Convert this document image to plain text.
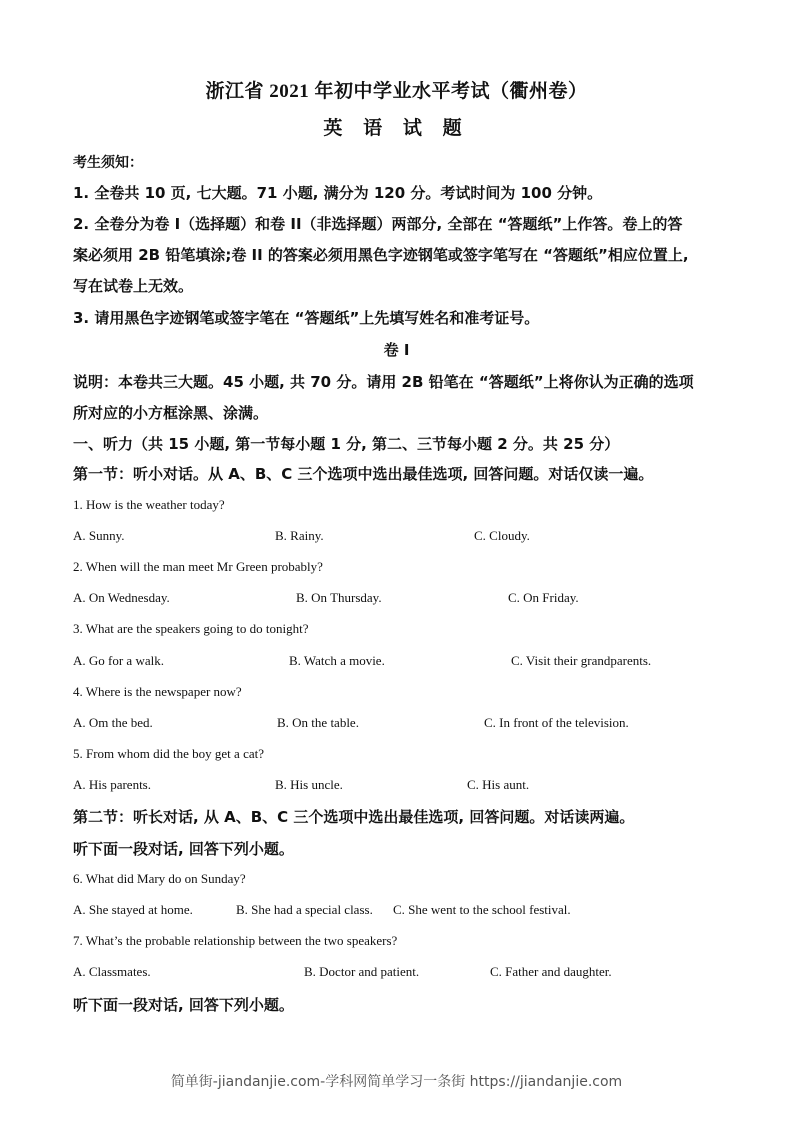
浙江省 2021 年初中学业水平考试（衢州卷）
英 语 试 题
考生须知：
1. 全卷共 10 页, 七大题。71 小题, 满分为 120 分。考试时间为 100 分钟。
2. 全卷分为卷 I（选择题）和卷 II（非选择题）两部分, 全部在 “答题纸”上作答。卷上的答
案必须用 2B 铅笔填涂;卷 II 的答案必须用黑色字迹钢笔或签字笔写在 “答题纸”相应位置上,
写在试卷上无效。
3. 请用黑色字迹钢笔或签字笔在 “答题纸”上先填写姓名和准考证号。
卷 I
说明：本卷共三大题。45 小题, 共 70 分。请用 2B 铅笔在 “答题纸”上将你认为正确的选项
所对应的小方框涂黑、涂满。
一、听力（共 15 小题, 第一节每小题 1 分, 第二、三节每小题 2 分。共 25 分）
第一节：听小对话。从 A、B、C 三个选项中选出最佳选项, 回答问题。对话仅读一遍。
1. How is the weather today?
A. Sunny.	B. Rainy.	C. Cloudy.
2. When will the man meet Mr Green probably?
A. On Wednesday.	B. On Thursday.	C. On Friday.
3. What are the speakers going to do tonight?
A. Go for a walk.	B. Watch a movie.	C. Visit their grandparents.
4. Where is the newspaper now?
A. Om the bed.	B. On the table.	C. In front of the television.
5. From whom did the boy get a cat?
A. His parents.	B. His uncle.	C. His aunt.
第二节：听长对话, 从 A、B、C 三个选项中选出最佳选项, 回答问题。对话读两遍。
听下面一段对话, 回答下列小题。
6. What did Mary do on Sunday?
A. She stayed at home.	B. She had a special class. C. She went to the school festival.
7. What’s the probable relationship between the two speakers?
A. Classmates.	B. Doctor and patient.	C. Father and daughter.
听下面一段对话, 回答下列小题。
简单街-jiandanjie.com-学科网简单学习一条街 https://jiandanjie.com
